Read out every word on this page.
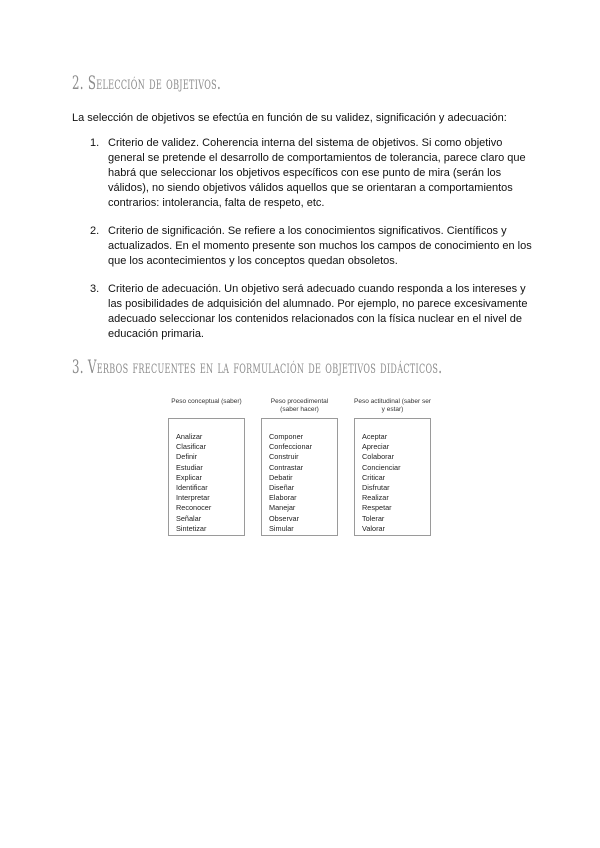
2. Selección de objetivos.
La selección de objetivos se efectúa en función de su validez, significación y adecuación:
1. Criterio de validez. Coherencia interna del sistema de objetivos. Si como objetivo general se pretende el desarrollo de comportamientos de tolerancia, parece claro que habrá que seleccionar los objetivos específicos con ese punto de mira (serán los válidos), no siendo objetivos válidos aquellos que se orientaran a comportamientos contrarios: intolerancia, falta de respeto, etc.
2. Criterio de significación. Se refiere a los conocimientos significativos. Científicos y actualizados. En el momento presente son muchos los campos de conocimiento en los que los acontecimientos y los conceptos quedan obsoletos.
3. Criterio de adecuación. Un objetivo será adecuado cuando responda a los intereses y las posibilidades de adquisición del alumnado. Por ejemplo, no parece excesivamente adecuado seleccionar los contenidos relacionados con la física nuclear en el nivel de educación primaria.
3. Verbos frecuentes en la formulación de objetivos didácticos.
Peso conceptual (saber)
Analizar
Clasificar
Definir
Estudiar
Explicar
Identificar
Interpretar
Reconocer
Señalar
Sintetizar
Peso procedimental (saber hacer)
Componer
Confeccionar
Construir
Contrastar
Debatir
Diseñar
Elaborar
Manejar
Observar
Simular
Peso actitudinal (saber ser y estar)
Aceptar
Apreciar
Colaborar
Concienciar
Criticar
Disfrutar
Realizar
Respetar
Tolerar
Valorar
